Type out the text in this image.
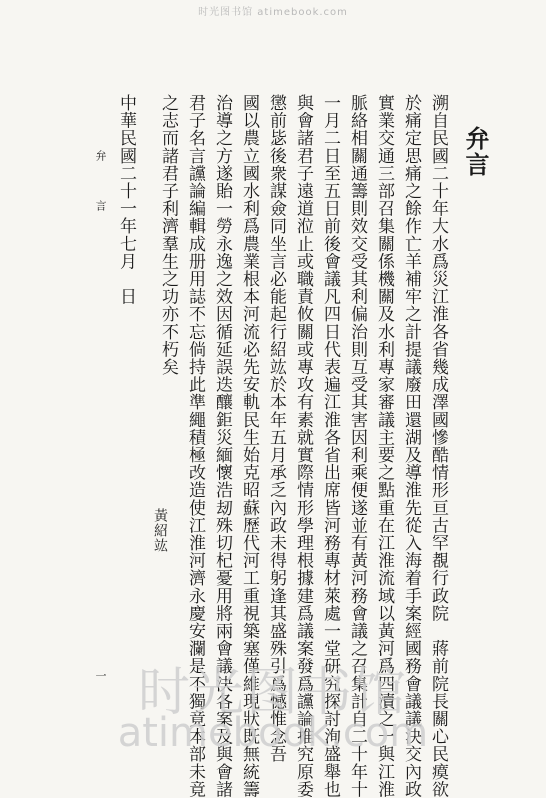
时光图书馆 atimebook.com
弁言
溯自民國二十年大水爲災江淮各省幾成澤國慘酷情形亘古罕覩行政院　蔣前院長關心民瘼欲
於痛定思痛之餘作亡羊補牢之計提議廢田還湖及導淮先從入海着手案經國務會議議決交內政
實業交通三部召集關係機關及水利專家審議主要之點重在江淮流域以黃河爲四瀆之一與江淮
脈絡相關通籌則效交受其利偏治則互受其害因利乘便遂並有黃河務會議之召集計自二十年十
一月二日至五日前後會議凡四日代表遍江淮各省出席皆河務專材萊處一堂研究探討洵盛舉也
與會諸君子遠道涖止或職責攸關或專攻有素就實際情形學理根據建爲議案發爲讜論推究原委
懲前毖後衆謀僉同坐言必能起行紹竑於本年五月承乏內政未得躬逢其盛殊引爲憾惟念吾
國以農立國水利爲農業根本河流必先安軌民生始克昭蘇歷代河工重視築塞僅維現狀既無統籌
治導之方遂貽一勞永逸之效因循延誤迭釀鉅災緬懷浩刼殊切杞憂用將兩會議決各案及與會諸
君子名言讜論編輯成册用誌不忘倘持此準繩積極改造使江淮河濟永慶安瀾是不獨竟本部未竟
之志而諸君子利濟羣生之功亦不朽矣
黃紹竑
中華民國二十一年七月　日
弁　言
一 时光图书馆
atimebook.com
